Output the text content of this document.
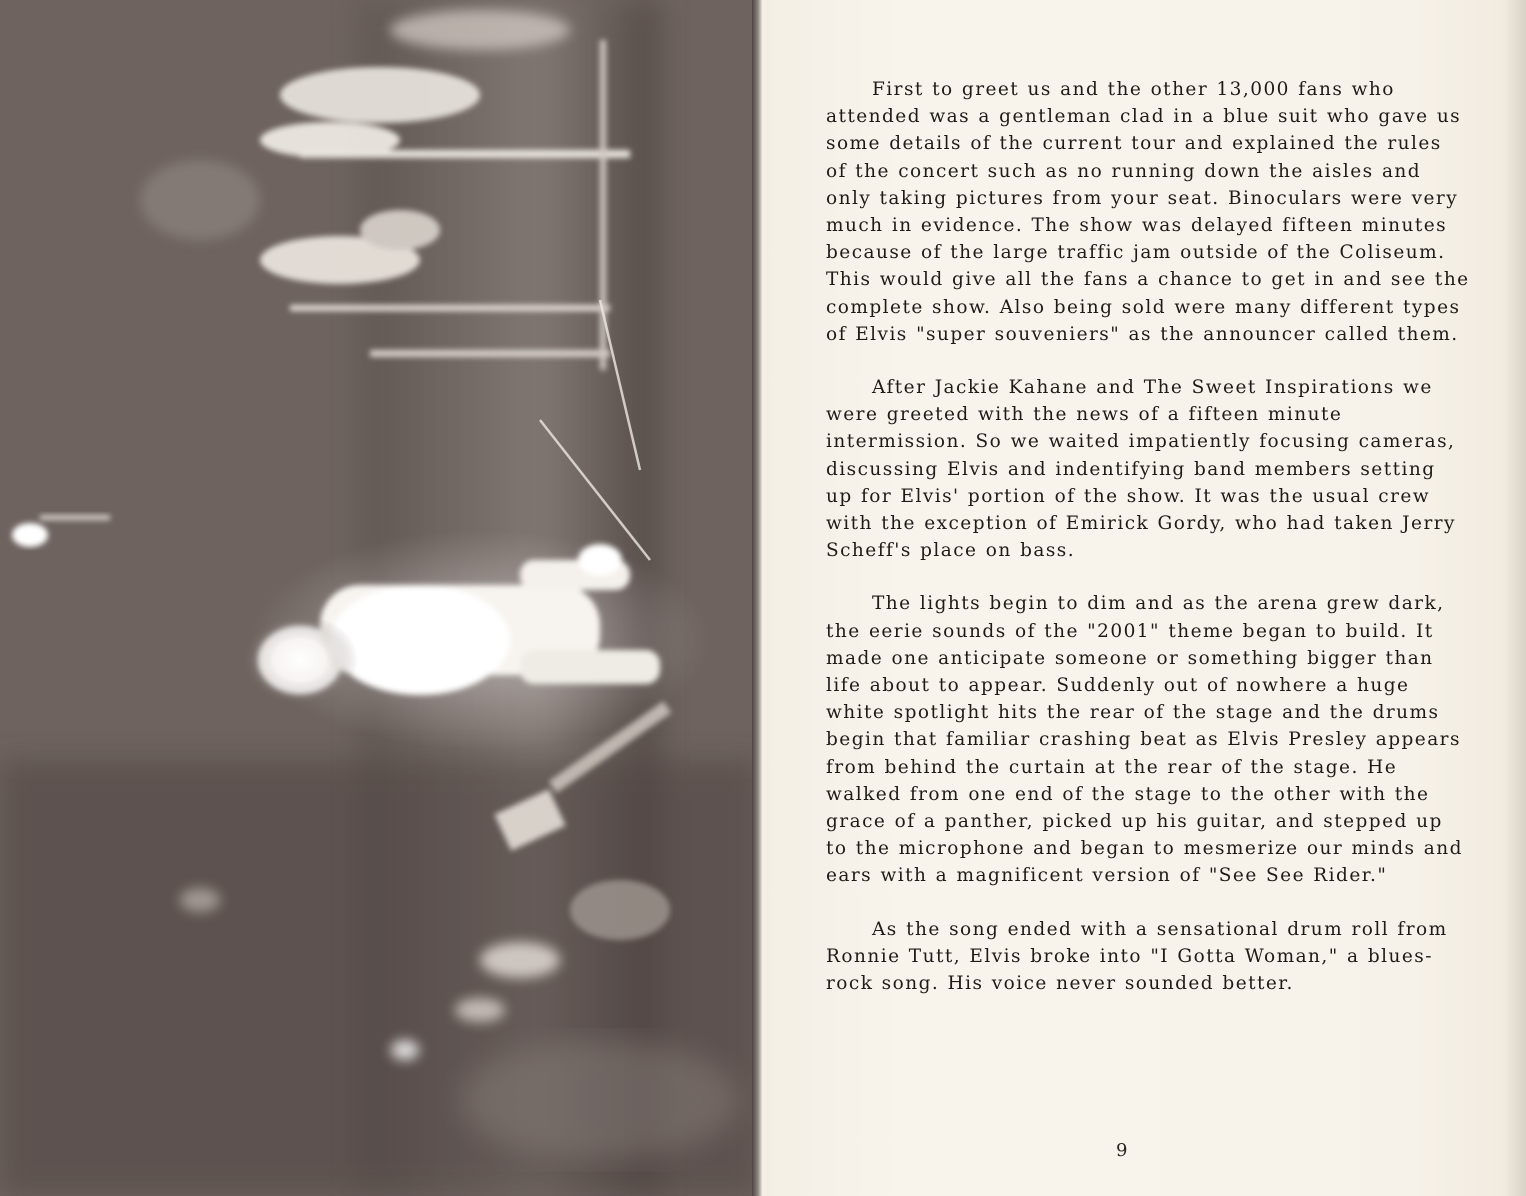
First to greet us and the other 13,000 fans who attended was a gentleman clad in a blue suit who gave us some details of the current tour and explained the rules of the concert such as no running down the aisles and only taking pictures from your seat. Binoculars were very much in evidence. The show was delayed fifteen minutes because of the large traffic jam outside of the Coliseum. This would give all the fans a chance to get in and see the complete show. Also being sold were many different types of Elvis "super souveniers" as the announcer called them.

After Jackie Kahane and The Sweet Inspirations we were greeted with the news of a fifteen minute intermission. So we waited impatiently focusing cameras, discussing Elvis and indentifying band members setting up for Elvis' portion of the show. It was the usual crew with the exception of Emirick Gordy, who had taken Jerry Scheff's place on bass.

The lights begin to dim and as the arena grew dark, the eerie sounds of the "2001" theme began to build. It made one anticipate someone or something bigger than life about to appear. Suddenly out of nowhere a huge white spotlight hits the rear of the stage and the drums begin that familiar crashing beat as Elvis Presley appears from behind the curtain at the rear of the stage. He walked from one end of the stage to the other with the grace of a panther, picked up his guitar, and stepped up to the microphone and began to mesmerize our minds and ears with a magnificent version of "See See Rider."

As the song ended with a sensational drum roll from Ronnie Tutt, Elvis broke into "I Gotta Woman," a blues-rock song. His voice never sounded better.

9
